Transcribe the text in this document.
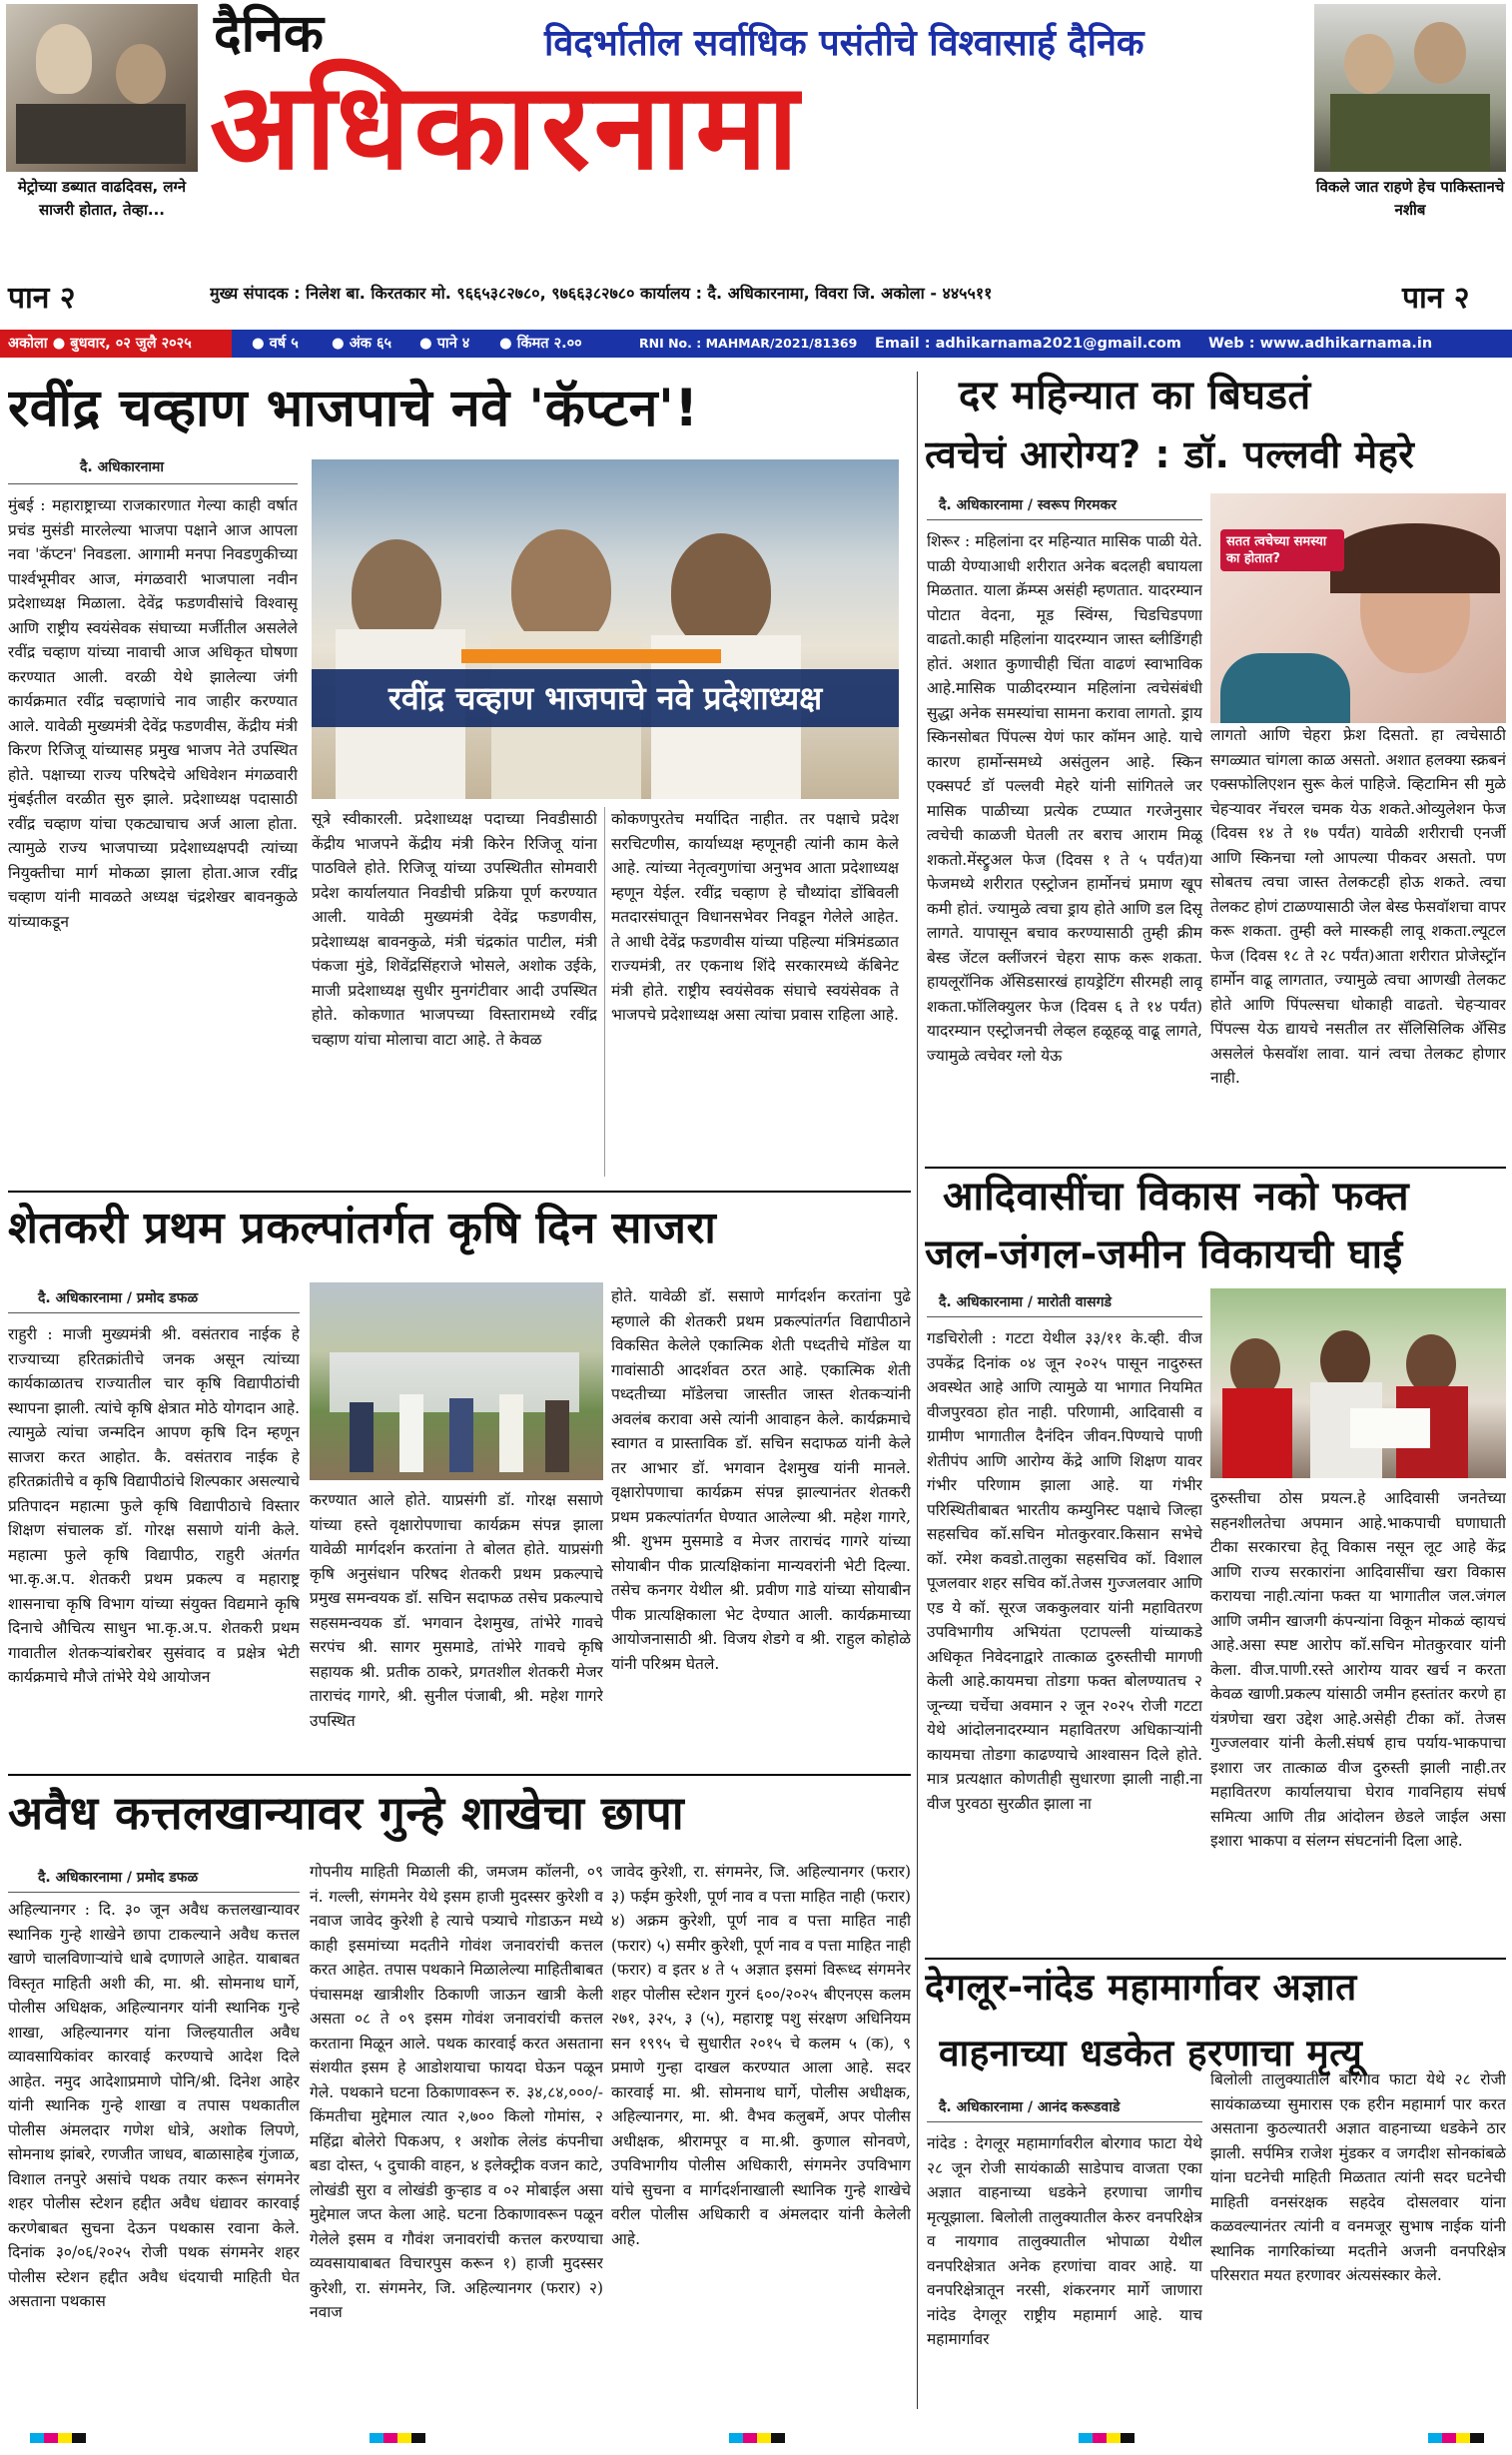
मेट्रोच्या डब्यात वाढदिवस, लग्ने साजरी होतात, तेव्हा...
विकले जात राहणे हेच पाकिस्तानचे नशीब
दैनिक	विदर्भातील सर्वाधिक पसंतीचे विश्वासार्ह दैनिक
अधिकारनामा
पान २	पान २
मुख्य संपादक : निलेश बा. किरतकार मो. ९६६५३८२७८०, ९७६६३८२७८० कार्यालय : दै. अधिकारनामा, विवरा जि. अकोला - ४४५५११
अकोला ● बुधवार, ०२ जुलै २०२५	● वर्ष ५ ● अंक ६५ ● पाने ४ ● किंमत २.००	RNI No. : MAHMAR/2021/81369 Email : adhikarnama2021@gmail.com Web : www.adhikarnama.in
रवींद्र चव्हाण भाजपाचे नवे 'कॅप्टन'!
दै. अधिकारनामा
मुंबई : महाराष्ट्राच्या राजकारणात गेल्या काही वर्षात प्रचंड मुसंडी मारलेल्या भाजपा पक्षाने आज आपला नवा 'कॅप्टन' निवडला. आगामी मनपा निवडणुकीच्या पार्श्वभूमीवर आज, मंगळवारी भाजपाला नवीन प्रदेशाध्यक्ष मिळाला. देवेंद्र फडणवीसांचे विश्वासू आणि राष्ट्रीय स्वयंसेवक संघाच्या मर्जीतील असलेले रवींद्र चव्हाण यांच्या नावाची आज अधिकृत घोषणा करण्यात आली. वरळी येथे झालेल्या जंगी कार्यक्रमात रवींद्र चव्हाणांचे नाव जाहीर करण्यात आले. यावेळी मुख्यमंत्री देवेंद्र फडणवीस, केंद्रीय मंत्री किरण रिजिजू यांच्यासह प्रमुख भाजप नेते उपस्थित होते. पक्षाच्या राज्य परिषदेचे अधिवेशन मंगळवारी मुंबईतील वरळीत सुरु झाले. प्रदेशाध्यक्ष पदासाठी रवींद्र चव्हाण यांचा एकट्याचाच अर्ज आला होता. त्यामुळे राज्य भाजपाच्या प्रदेशाध्यक्षपदी त्यांच्या नियुक्तीचा मार्ग मोकळा झाला होता.आज रवींद्र चव्हाण यांनी मावळते अध्यक्ष चंद्रशेखर बावनकुळे यांच्याकडून
रवींद्र चव्हाण भाजपाचे नवे प्रदेशाध्यक्ष
सूत्रे स्वीकारली. प्रदेशाध्यक्ष पदाच्या निवडीसाठी केंद्रीय भाजपने केंद्रीय मंत्री किरेन रिजिजू यांना पाठविले होते. रिजिजू यांच्या उपस्थितीत सोमवारी प्रदेश कार्यालयात निवडीची प्रक्रिया पूर्ण करण्यात आली. यावेळी मुख्यमंत्री देवेंद्र फडणवीस, प्रदेशाध्यक्ष बावनकुळे, मंत्री चंद्रकांत पाटील, मंत्री पंकजा मुंडे, शिवेंद्रसिंहराजे भोसले, अशोक उईके, माजी प्रदेशाध्यक्ष सुधीर मुनगंटीवार आदी उपस्थित होते. कोकणात भाजपच्या विस्तारामध्ये रवींद्र चव्हाण यांचा मोलाचा वाटा आहे. ते केवळ
कोकणपुरतेच मर्यादित नाहीत. तर पक्षाचे प्रदेश सरचिटणीस, कार्याध्यक्ष म्हणूनही त्यांनी काम केले आहे. त्यांच्या नेतृत्वगुणांचा अनुभव आता प्रदेशाध्यक्ष म्हणून येईल. रवींद्र चव्हाण हे चौथ्यांदा डोंबिवली मतदारसंघातून विधानसभेवर निवडून गेलेले आहेत. ते आधी देवेंद्र फडणवीस यांच्या पहिल्या मंत्रिमंडळात राज्यमंत्री, तर एकनाथ शिंदे सरकारमध्ये कॅबिनेट मंत्री होते. राष्ट्रीय स्वयंसेवक संघाचे स्वयंसेवक ते भाजपचे प्रदेशाध्यक्ष असा त्यांचा प्रवास राहिला आहे.
दर महिन्यात का बिघडतं
त्वचेचं आरोग्य? : डॉ. पल्लवी मेहरे
दै. अधिकारनामा / स्वरूप गिरमकर
शिरूर : महिलांना दर महिन्यात मासिक पाळी येते. पाळी येण्याआधी शरीरात अनेक बदलही बघायला मिळतात. याला क्रॅम्प्स असंही म्हणतात. यादरम्यान पोटात वेदना, मूड स्विंग्स, चिडचिडपणा वाढतो.काही महिलांना यादरम्यान जास्त ब्लीडिंगही होतं. अशात कुणाचीही चिंता वाढणं स्वाभाविक आहे.मासिक पाळीदरम्यान महिलांना त्वचेसंबंधी सुद्धा अनेक समस्यांचा सामना करावा लागतो. ड्राय स्किनसोबत पिंपल्स येणं फार कॉमन आहे. याचे कारण हार्मोन्समध्ये असंतुलन आहे. स्किन एक्सपर्ट डॉ पल्लवी मेहरे यांनी सांगितले जर मासिक पाळीच्या प्रत्येक टप्प्यात गरजेनुसार त्वचेची काळजी घेतली तर बराच आराम मिळू शकतो.मेंस्ट्रुअल फेज (दिवस १ ते ५ पर्यंत)या फेजमध्ये शरीरात एस्ट्रोजन हार्मोनचं प्रमाण खूप कमी होतं. ज्यामुळे त्वचा ड्राय होते आणि डल दिसू लागते. यापासून बचाव करण्यासाठी तुम्ही क्रीम बेस्ड जेंटल क्लींजरनं चेहरा साफ करू शकता. हायलूरॉनिक अ‍ॅसिडसारखं हायड्रेटिंग सीरमही लावू शकता.फॉलिक्युलर फेज (दिवस ६ ते १४ पर्यंत) यादरम्यान एस्ट्रोजनची लेव्हल हळूहळू वाढू लागते, ज्यामुळे त्वचेवर ग्लो येऊ
सतत त्वचेच्या समस्या का होतात?
लागतो आणि चेहरा फ्रेश दिसतो. हा त्वचेसाठी सगळ्यात चांगला काळ असतो. अशात हलक्या स्क्रबनं एक्सफोलिएशन सुरू केलं पाहिजे. व्हिटामिन सी मुळे चेहऱ्यावर नॅचरल चमक येऊ शकते.ओव्युलेशन फेज (दिवस १४ ते १७ पर्यंत) यावेळी शरीराची एनर्जी आणि स्किनचा ग्लो आपल्या पीकवर असतो. पण सोबतच त्वचा जास्त तेलकटही होऊ शकते. त्वचा तेलकट होणं टाळण्यासाठी जेल बेस्ड फेसवॉशचा वापर करू शकता. तुम्ही क्ले मास्कही लावू शकता.ल्यूटल फेज (दिवस १८ ते २८ पर्यंत)आता शरीरात प्रोजेस्ट्रॉन हार्मोन वाढू लागतात, ज्यामुळे त्वचा आणखी तेलकट होते आणि पिंपल्सचा धोकाही वाढतो. चेहऱ्यावर पिंपल्स येऊ द्यायचे नसतील तर सॅलिसिलिक अ‍ॅसिड असलेलं फेसवॉश लावा. यानं त्वचा तेलकट होणार नाही.
शेतकरी प्रथम प्रकल्पांतर्गत कृषि दिन साजरा
दै. अधिकारनामा / प्रमोद डफळ
राहुरी : माजी मुख्यमंत्री श्री. वसंतराव नाईक हे राज्याच्या हरितक्रांतीचे जनक असून त्यांच्या कार्यकाळातच राज्यातील चार कृषि विद्यापीठांची स्थापना झाली. त्यांचे कृषि क्षेत्रात मोठे योगदान आहे. त्यामुळे त्यांचा जन्मदिन आपण कृषि दिन म्हणून साजरा करत आहोत. कै. वसंतराव नाईक हे हरितक्रांतीचे व कृषि विद्यापीठांचे शिल्पकार असल्याचे प्रतिपादन महात्मा फुले कृषि विद्यापीठाचे विस्तार शिक्षण संचालक डॉ. गोरक्ष ससाणे यांनी केले. महात्मा फुले कृषि विद्यापीठ, राहुरी अंतर्गत भा.कृ.अ.प. शेतकरी प्रथम प्रकल्प व महाराष्ट्र शासनाचा कृषि विभाग यांच्या संयुक्त विद्यमाने कृषि दिनाचे औचित्य साधुन भा.कृ.अ.प. शेतकरी प्रथम गावातील शेतकऱ्यांबरोबर सुसंवाद व प्रक्षेत्र भेटी कार्यक्रमाचे मौजे तांभेरे येथे आयोजन
करण्यात आले होते. याप्रसंगी डॉ. गोरक्ष ससाणे यांच्या हस्ते वृक्षारोपणाचा कार्यक्रम संपन्न झाला यावेळी मार्गदर्शन करतांना ते बोलत होते. याप्रसंगी कृषि अनुसंधान परिषद शेतकरी प्रथम प्रकल्पाचे प्रमुख समन्वयक डॉ. सचिन सदाफळ तसेच प्रकल्पाचे सहसमन्वयक डॉ. भगवान देशमुख, तांभेरे गावचे सरपंच श्री. सागर मुसमाडे, तांभेरे गावचे कृषि सहायक श्री. प्रतीक ठाकरे, प्रगतशील शेतकरी मेजर ताराचंद गागरे, श्री. सुनील पंजाबी, श्री. महेश गागरे उपस्थित
होते. यावेळी डॉ. ससाणे मार्गदर्शन करतांना पुढे म्हणाले की शेतकरी प्रथम प्रकल्पांतर्गत विद्यापीठाने विकसित केलेले एकात्मिक शेती पध्दतीचे मॉडेल या गावांसाठी आदर्शवत ठरत आहे. एकात्मिक शेती पध्दतीच्या मॉडेलचा जास्तीत जास्त शेतकऱ्यांनी अवलंब करावा असे त्यांनी आवाहन केले. कार्यक्रमाचे स्वागत व प्रास्ताविक डॉ. सचिन सदाफळ यांनी केले तर आभार डॉ. भगवान देशमुख यांनी मानले. वृक्षारोपणाचा कार्यक्रम संपन्न झाल्यानंतर शेतकरी प्रथम प्रकल्पांतर्गत घेण्यात आलेल्या श्री. महेश गागरे, श्री. शुभम मुसमाडे व मेजर ताराचंद गागरे यांच्या सोयाबीन पीक प्रात्यक्षिकांना मान्यवरांनी भेटी दिल्या. तसेच कनगर येथील श्री. प्रवीण गाडे यांच्या सोयाबीन पीक प्रात्यक्षिकाला भेट देण्यात आली. कार्यक्रमाच्या आयोजनासाठी श्री. विजय शेडगे व श्री. राहुल कोहोळे यांनी परिश्रम घेतले.
आदिवासींचा विकास नको फक्त
जल-जंगल-जमीन विकायची घाई
दै. अधिकारनामा / मारोती वासगडे
गडचिरोली : गटटा येथील ३३/११ के.व्ही. वीज उपकेंद्र दिनांक ०४ जून २०२५ पासून नादुरुस्त अवस्थेत आहे आणि त्यामुळे या भागात नियमित वीजपुरवठा होत नाही. परिणामी, आदिवासी व ग्रामीण भागातील दैनंदिन जीवन.पिण्याचे पाणी शेतीपंप आणि आरोग्य केंद्रे आणि शिक्षण यावर गंभीर परिणाम झाला आहे. या गंभीर परिस्थितीबाबत भारतीय कम्युनिस्ट पक्षाचे जिल्हा सहसचिव कॉ.सचिन मोतकुरवार.किसान सभेचे कॉ. रमेश कवडो.तालुका सहसचिव कॉ. विशाल पूजलवार शहर सचिव कॉ.तेजस गुज्जलवार आणि एड ये कॉ. सूरज जककुलवार यांनी महावितरण उपविभागीय अभियंता एटापल्ली यांच्याकडे अधिकृत निवेदनाद्वारे तात्काळ दुरुस्तीची मागणी केली आहे.कायमचा तोडगा फक्त बोलण्यातच २ जून्च्या चर्चेचा अवमान २ जून २०२५ रोजी गटटा येथे आंदोलनादरम्यान महावितरण अधिकाऱ्यांनी कायमचा तोडगा काढण्याचे आश्वासन दिले होते. मात्र प्रत्यक्षात कोणतीही सुधारणा झाली नाही.ना वीज पुरवठा सुरळीत झाला ना
दुरुस्तीचा ठोस प्रयत्न.हे आदिवासी जनतेच्या सहनशीलतेचा अपमान आहे.भाकपाची घणाघाती टीका सरकारचा हेतू विकास नसून लूट आहे केंद्र आणि राज्य सरकारांना आदिवासींचा खरा विकास करायचा नाही.त्यांना फक्त या भागातील जल.जंगल आणि जमीन खाजगी कंपन्यांना विकून मोकळं व्हायचं आहे.असा स्पष्ट आरोप कॉ.सचिन मोतकुरवार यांनी केला. वीज.पाणी.रस्ते आरोग्य यावर खर्च न करता केवळ खाणी.प्रकल्प यांसाठी जमीन हस्तांतर करणे हा यंत्रणेचा खरा उद्देश आहे.असेही टीका कॉ. तेजस गुज्जलवार यांनी केली.संघर्ष हाच पर्याय-भाकपाचा इशारा जर तात्काळ वीज दुरुस्ती झाली नाही.तर महावितरण कार्यालयाचा घेराव गावनिहाय संघर्ष समित्या आणि तीव्र आंदोलन छेडले जाईल असा इशारा भाकपा व संलग्न संघटनांनी दिला आहे.
अवैध कत्तलखान्यावर गुन्हे शाखेचा छापा
दै. अधिकारनामा / प्रमोद डफळ
अहिल्यानगर : दि. ३० जून अवैध कत्तलखान्यावर स्थानिक गुन्हे शाखेने छापा टाकल्याने अवैध कत्तल खाणे चालविणाऱ्यांचे धाबे दणाणले आहेत. याबाबत विस्तृत माहिती अशी की, मा. श्री. सोमनाथ घार्गे, पोलीस अधिक्षक, अहिल्यानगर यांनी स्थानिक गुन्हे शाखा, अहिल्यानगर यांना जिल्हयातील अवैध व्यावसायिकांवर कारवाई करण्याचे आदेश दिले आहेत. नमुद आदेशाप्रमाणे पोनि/श्री. दिनेश आहेर यांनी स्थानिक गुन्हे शाखा व तपास पथकातील पोलीस अंमलदार गणेश धोत्रे, अशोक लिपणे, सोमनाथ झांबरे, रणजीत जाधव, बाळासाहेब गुंजाळ, विशाल तनपुरे असांचे पथक तयार करून संगमनेर शहर पोलीस स्टेशन हद्दीत अवैध धंद्यावर कारवाई करणेबाबत सुचना देऊन पथकास रवाना केले. दिनांक ३०/०६/२०२५ रोजी पथक संगमनेर शहर पोलीस स्टेशन हद्दीत अवैध धंदयाची माहिती घेत असताना पथकास
गोपनीय माहिती मिळाली की, जमजम कॉलनी, ०९ नं. गल्ली, संगमनेर येथे इसम हाजी मुदस्सर कुरेशी व नवाज जावेद कुरेशी हे त्याचे पत्र्याचे गोडाऊन मध्ये काही इसमांच्या मदतीने गोवंश जनावरांची कत्तल करत आहेत. तपास पथकाने मिळालेल्या माहितीबाबत पंचासमक्ष खात्रीशीर ठिकाणी जाऊन खात्री केली असता ०८ ते ०९ इसम गोवंश जनावरांची कत्तल करताना मिळून आले. पथक कारवाई करत असताना संशयीत इसम हे आडोशयाचा फायदा घेऊन पळून गेले. पथकाने घटना ठिकाणावरून रु. ३४,८४,०००/- किंमतीचा मुद्देमाल त्यात २,७०० किलो गोमांस, २ महिंद्रा बोलेरो पिकअप, १ अशोक लेलंड कंपनीचा बडा दोस्त, ५ दुचाकी वाहन, ४ इलेक्ट्रीक वजन काटे, लोखंडी सुरा व लोखंडी कुऱ्हाड व ०२ मोबाईल असा मुद्देमाल जप्त केला आहे. घटना ठिकाणावरून पळून गेलेले इसम व गौवंश जनावरांची कत्तल करण्याचा व्यवसायाबाबत विचारपुस करून १) हाजी मुदस्सर कुरेशी, रा. संगमनेर, जि. अहिल्यानगर (फरार) २) नवाज
जावेद कुरेशी, रा. संगमनेर, जि. अहिल्यानगर (फरार) ३) फईम कुरेशी, पूर्ण नाव व पत्ता माहित नाही (फरार) ४) अक्रम कुरेशी, पूर्ण नाव व पत्ता माहित नाही (फरार) ५) समीर कुरेशी, पूर्ण नाव व पत्ता माहित नाही (फरार) व इतर ४ ते ५ अज्ञात इसमां विरूध्द संगमनेर शहर पोलीस स्टेशन गुरनं ६००/२०२५ बीएनएस कलम २७१, ३२५, ३ (५), महाराष्ट्र पशु संरक्षण अधिनियम सन १९९५ चे सुधारीत २०१५ चे कलम ५ (क), ९ प्रमाणे गुन्हा दाखल करण्यात आला आहे. सदर कारवाई मा. श्री. सोमनाथ घार्गे, पोलीस अधीक्षक, अहिल्यानगर, मा. श्री. वैभव कलुबर्मे, अपर पोलीस अधीक्षक, श्रीरामपूर व मा.श्री. कुणाल सोनवणे, उपविभागीय पोलीस अधिकारी, संगमनेर उपविभाग यांचे सुचना व मार्गदर्शनाखाली स्थानिक गुन्हे शाखेचे वरील पोलीस अधिकारी व अंमलदार यांनी केलेली आहे.
देगलूर-नांदेड महामार्गावर अज्ञात
वाहनाच्या धडकेत हरणाचा मृत्यू
दै. अधिकारनामा / आनंद करूडवाडे
नांदेड : देगलूर महामार्गावरील बोरगाव फाटा येथे २८ जून रोजी सायंकाळी साडेपाच वाजता एका अज्ञात वाहनाच्या धडकेने हरणाचा जागीच मृत्यूझाला. बिलोली तालुक्यातील केरुर वनपरिक्षेत्र व नायगाव तालुक्यातील भोपाळा येथील वनपरिक्षेत्रात अनेक हरणांचा वावर आहे. या वनपरिक्षेत्रातून नरसी, शंकरनगर मार्गे जाणारा नांदेड देगलूर राष्ट्रीय महामार्ग आहे. याच महामार्गावर
बिलोली तालुक्यातील बोरगाव फाटा येथे २८ रोजी सायंकाळच्या सुमारास एक हरीन महामार्ग पार करत असताना कुठल्यातरी अज्ञात वाहनाच्या धडकेने ठार झाली. सर्पमित्र राजेश मुंडकर व जगदीश सोनकांबळे यांना घटनेची माहिती मिळतात त्यांनी सदर घटनेची माहिती वनसंरक्षक सहदेव दोसलवार यांना कळवल्यानंतर त्यांनी व वनमजूर सुभाष नाईक यांनी स्थानिक नागरिकांच्या मदतीने अजनी वनपरिक्षेत्र परिसरात मयत हरणावर अंत्यसंस्कार केले.
